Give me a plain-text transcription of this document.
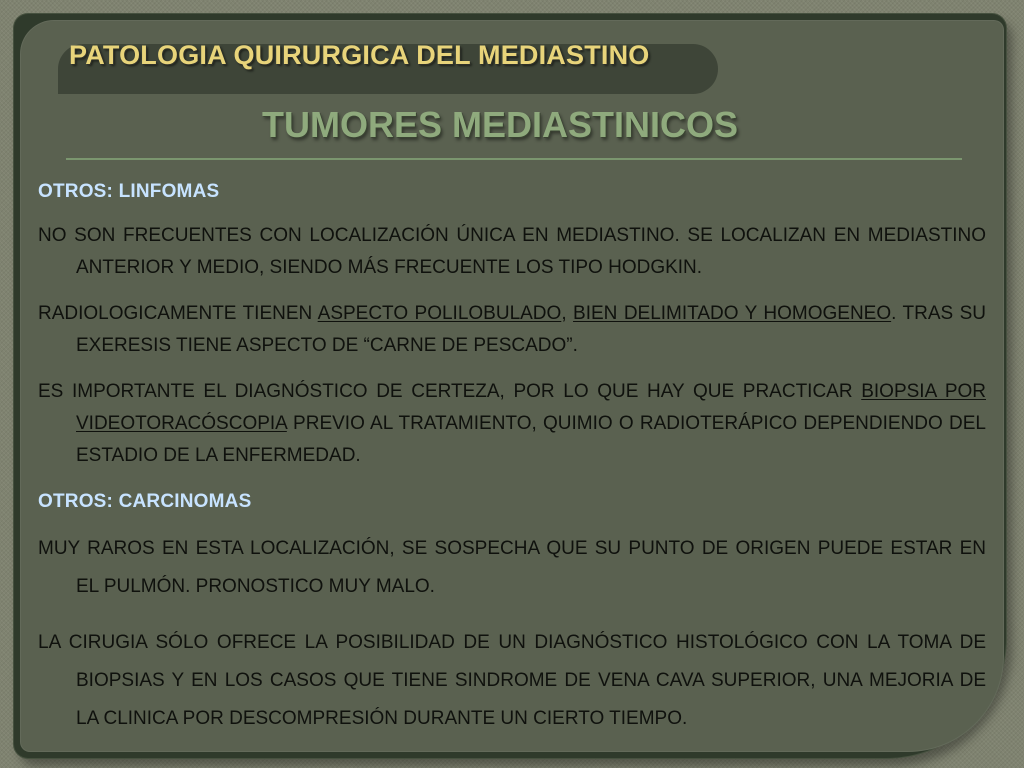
PATOLOGIA QUIRURGICA DEL MEDIASTINO
TUMORES MEDIASTINICOS

OTROS: LINFOMAS

NO SON FRECUENTES CON LOCALIZACIÓN ÚNICA EN MEDIASTINO. SE LOCALIZAN EN MEDIASTINO ANTERIOR Y MEDIO, SIENDO MÁS FRECUENTE LOS TIPO HODGKIN.

RADIOLOGICAMENTE TIENEN ASPECTO POLILOBULADO, BIEN DELIMITADO Y HOMOGENEO. TRAS SU EXERESIS TIENE ASPECTO DE “CARNE DE PESCADO”.

ES IMPORTANTE EL DIAGNÓSTICO DE CERTEZA, POR LO QUE HAY QUE PRACTICAR BIOPSIA POR VIDEOTORACÓSCOPIA PREVIO AL TRATAMIENTO, QUIMIO O RADIOTERÁPICO DEPENDIENDO DEL ESTADIO DE LA ENFERMEDAD.

OTROS: CARCINOMAS

MUY RAROS EN ESTA LOCALIZACIÓN, SE SOSPECHA QUE SU PUNTO DE ORIGEN PUEDE ESTAR EN EL PULMÓN. PRONOSTICO MUY MALO.

LA CIRUGIA SÓLO OFRECE LA POSIBILIDAD DE UN DIAGNÓSTICO HISTOLÓGICO CON LA TOMA DE BIOPSIAS Y EN LOS CASOS QUE TIENE SINDROME DE VENA CAVA SUPERIOR, UNA MEJORIA DE LA CLINICA POR DESCOMPRESIÓN DURANTE UN CIERTO TIEMPO.
